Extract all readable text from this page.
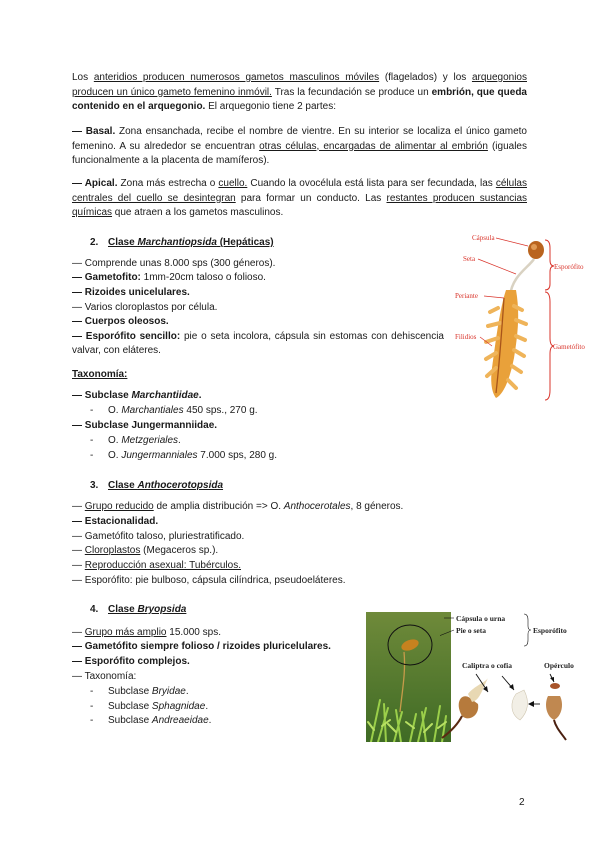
Los anteridios producen numerosos gametos masculinos móviles (flagelados) y los arquegonios producen un único gameto femenino inmóvil. Tras la fecundación se produce un embrión, que queda contenido en el arquegonio. El arquegonio tiene 2 partes:

— Basal. Zona ensanchada, recibe el nombre de vientre. En su interior se localiza el único gameto femenino. A su alrededor se encuentran otras células, encargadas de alimentar al embrión (iguales funcionalmente a la placenta de mamíferos).

— Apical. Zona más estrecha o cuello. Cuando la ovocélula está lista para ser fecundada, las células centrales del cuello se desintegran para formar un conducto. Las restantes producen sustancias químicas que atraen a los gametos masculinos.

2. Clase Marchantiopsida (Hepáticas)

— Comprende unas 8.000 sps (300 géneros).

— Gametofito: 1mm-20cm taloso o folioso.

— Rizoides unicelulares.

— Varios cloroplastos por célula.

— Cuerpos oleosos.

— Esporófito sencillo: pie o seta incolora, cápsula sin estomas con dehiscencia valvar, con eláteres.

Taxonomía:

— Subclase Marchantiidae.

- O. Marchantiales 450 sps., 270 g.

— Subclase Jungermanniidae.

- O. Metzgeriales.

- O. Jungermanniales 7.000 sps, 280 g.

Cápsula
Seta
Periante
Filidios
Esporófito
Gametófito

3. Clase Anthocerotopsida

— Grupo reducido de amplia distribución => O. Anthocerotales, 8 géneros.

— Estacionalidad.

— Gametófito taloso, pluriestratificado.

— Cloroplastos (Megaceros sp.).

— Reproducción asexual: Tubérculos.

— Esporófito: pie bulboso, cápsula cilíndrica, pseudoeláteres.

4. Clase Bryopsida

— Grupo más amplio 15.000 sps.

— Gametófito siempre folioso / rizoides pluricelulares.

— Esporófito complejos.

— Taxonomía:

- Subclase Bryidae.

- Subclase Sphagnidae.

- Subclase Andreaeidae.

Cápsula o urna
Pie o seta	Esporófito
Caliptra o cofia	Opérculo
2
